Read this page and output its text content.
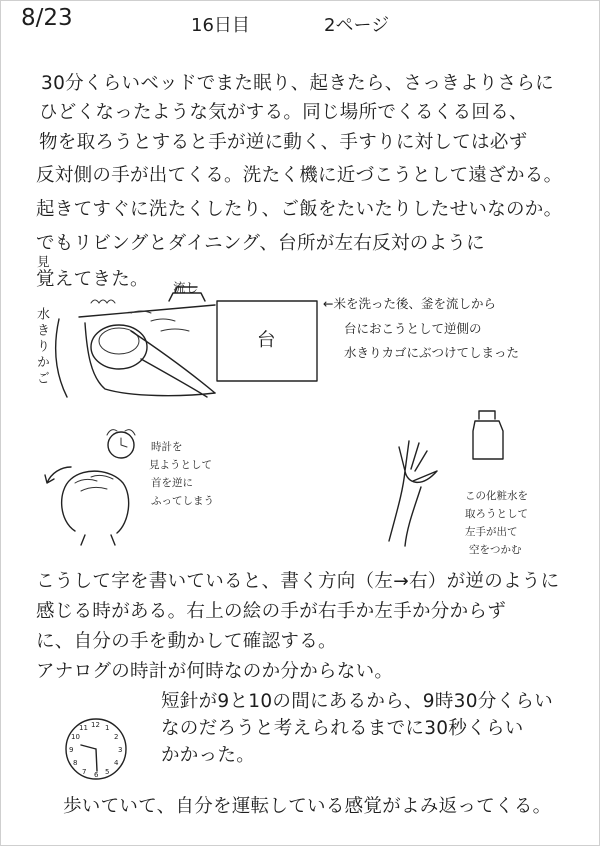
12 1
2
3
4
5
6
7
8
9
10
11
8/23	16日目	2ページ
30分くらいベッドでまた眠り、起きたら、さっきよりさらに
ひどくなったような気がする。同じ場所でくるくる回る、
物を取ろうとすると手が逆に動く、手すりに対しては必ず
反対側の手が出てくる。洗たく機に近づこうとして遠ざかる。
起きてすぐに洗たくしたり、ご飯をたいたりしたせいなのか。
でもリビングとダイニング、台所が左右反対のように
見
覚えてきた。 流し
水きりかご	台
←米を洗った後、釜を流しから
台におこうとして逆側の
水きりカゴにぶつけてしまった
時計を
見ようとして
首を逆に
ふってしまう	この化粧水を
取ろうとして
左手が出て
空をつかむ
こうして字を書いていると、書く方向（左→右）が逆のように
感じる時がある。右上の絵の手が右手か左手か分からず
に、自分の手を動かして確認する。
アナログの時計が何時なのか分からない。
短針が9と10の間にあるから、9時30分くらい
なのだろうと考えられるまでに30秒くらい
かかった。
歩いていて、自分を運転している感覚がよみ返ってくる。
